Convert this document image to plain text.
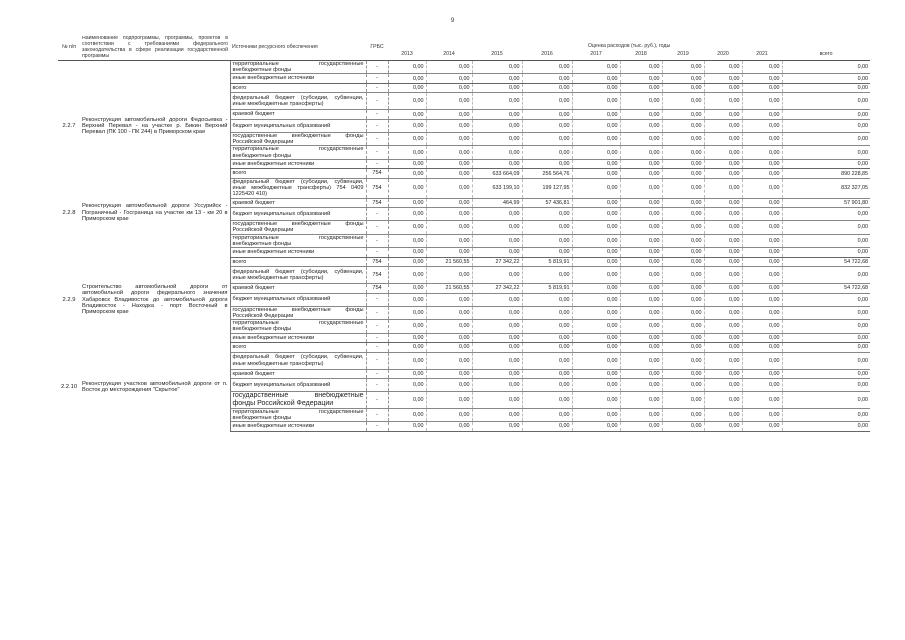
9
№ п/п	Наименование подпрограммы, программы, проектов в соответствии с требованиями федерального законодательства в сфере реализации государственной программы	Источники ресурсного обеспечения	ГРБС	Оценка расходов (тыс. руб.), годы									
				2013	2014	2015	2016	2017	2018	2019	2020	2021	всего
		территориальные государственные внебюджетные фонды	-	0,00	0,00	0,00	0,00	0,00	0,00	0,00	0,00	0,00	0,00
		иные внебюджетные источники	-	0,00	0,00	0,00	0,00	0,00	0,00	0,00	0,00	0,00	0,00
2.2.7	Реконструкция автомобильной дороги Федосьевка - Верхний Перевал - на участке р. Бикин Верхний Перевал (ПК 100 - ПК 244) в Приморском крае	всего	-	0,00	0,00	0,00	0,00	0,00	0,00	0,00	0,00	0,00	0,00
		федеральный бюджет (субсидии, субвенции, иные межбюджетные трансферты)	-	0,00	0,00	0,00	0,00	0,00	0,00	0,00	0,00	0,00	0,00
		краевой бюджет	-	0,00	0,00	0,00	0,00	0,00	0,00	0,00	0,00	0,00	0,00
		бюджет муниципальных образований	-	0,00	0,00	0,00	0,00	0,00	0,00	0,00	0,00	0,00	0,00
		государственные внебюджетные фонды Российской Федерации	-	0,00	0,00	0,00	0,00	0,00	0,00	0,00	0,00	0,00	0,00
		территориальные государственные внебюджетные фонды	-	0,00	0,00	0,00	0,00	0,00	0,00	0,00	0,00	0,00	0,00
		иные внебюджетные источники	-	0,00	0,00	0,00	0,00	0,00	0,00	0,00	0,00	0,00	0,00
2.2.8	Реконструкция автомобильной дороги Уссурийск - Пограничный - Госграница на участке км 13 - км 20 в Приморском крае	всего	754	0,00	0,00	633 664,09	256 564,76	0,00	0,00	0,00	0,00	0,00	890 228,85
		федеральный бюджет (субсидии, субвенции, иные межбюджетные трансферты) 754 0409 1225420 410)	754	0,00	0,00	633 199,10	199 127,95	0,00	0,00	0,00	0,00	0,00	832 327,05
		краевой бюджет	754	0,00	0,00	464,99	57 436,81	0,00	0,00	0,00	0,00	0,00	57 901,80
		бюджет муниципальных образований	-	0,00	0,00	0,00	0,00	0,00	0,00	0,00	0,00	0,00	0,00
		государственные внебюджетные фонды Российской Федерации	-	0,00	0,00	0,00	0,00	0,00	0,00	0,00	0,00	0,00	0,00
		территориальные государственные внебюджетные фонды	-	0,00	0,00	0,00	0,00	0,00	0,00	0,00	0,00	0,00	0,00
		иные внебюджетные источники	-	0,00	0,00	0,00	0,00	0,00	0,00	0,00	0,00	0,00	0,00
2.2.9	Строительство автомобильной дороги от автомобильной дороги федерального значения Хабаровск Владивосток до автомобильной дороги Владивосток - Находка - порт Восточный в Приморском крае	всего	754	0,00	21 560,55	27 342,22	5 819,91	0,00	0,00	0,00	0,00	0,00	54 722,68
		федеральный бюджет (субсидии, субвенции, иные межбюджетные трансферты)	754	0,00	0,00	0,00	0,00	0,00	0,00	0,00	0,00	0,00	0,00
		краевой бюджет	754	0,00	21 560,55	27 342,22	5 819,91	0,00	0,00	0,00	0,00	0,00	54 722,68
		бюджет муниципальных образований	-	0,00	0,00	0,00	0,00	0,00	0,00	0,00	0,00	0,00	0,00
		государственные внебюджетные фонды Российской Федерации	-	0,00	0,00	0,00	0,00	0,00	0,00	0,00	0,00	0,00	0,00
		территориальные государственные внебюджетные фонды	-	0,00	0,00	0,00	0,00	0,00	0,00	0,00	0,00	0,00	0,00
		иные внебюджетные источники	-	0,00	0,00	0,00	0,00	0,00	0,00	0,00	0,00	0,00	0,00
2.2.10	Реконструкция участков автомобильной дороги от п. Восток до месторождения "Скрытое"	всего	-	0,00	0,00	0,00	0,00	0,00	0,00	0,00	0,00	0,00	0,00
		федеральный бюджет (субсидии, субвенции, иные межбюджетные трансферты)	-	0,00	0,00	0,00	0,00	0,00	0,00	0,00	0,00	0,00	0,00
		краевой бюджет	-	0,00	0,00	0,00	0,00	0,00	0,00	0,00	0,00	0,00	0,00
		бюджет муниципальных образований	-	0,00	0,00	0,00	0,00	0,00	0,00	0,00	0,00	0,00	0,00
		государственные внебюджетные фонды Российской Федерации	-	0,00	0,00	0,00	0,00	0,00	0,00	0,00	0,00	0,00	0,00
		территориальные государственные внебюджетные фонды	-	0,00	0,00	0,00	0,00	0,00	0,00	0,00	0,00	0,00	0,00
		иные внебюджетные источники	-	0,00	0,00	0,00	0,00	0,00	0,00	0,00	0,00	0,00	0,00
